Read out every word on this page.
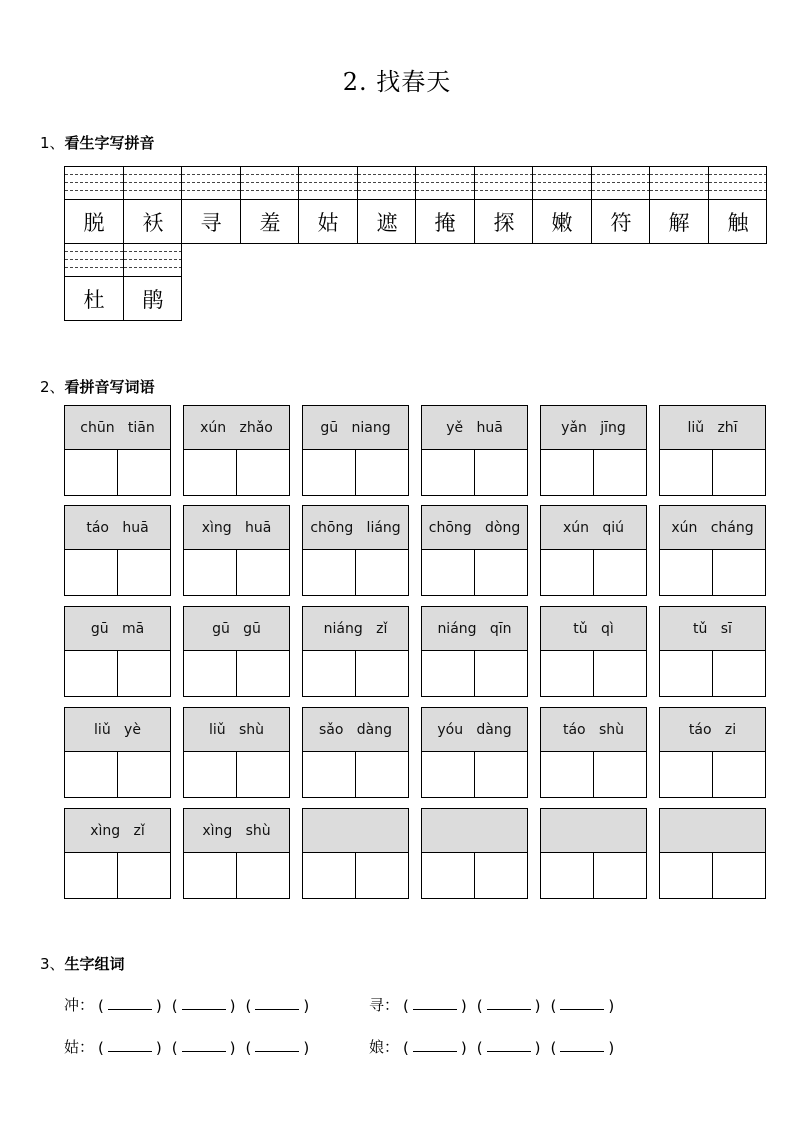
2. 找春天
1、看生字写拼音
脱	袄	寻	羞	姑	遮	掩	探	嫩	符	解	触
杜	鹃
2、看拼音写词语
chūn   tiān	xún   zhǎo	gū   niang	yě   huā	yǎn   jīng	liǔ   zhī
táo   huā	xìng   huā	chōng   liáng	chōng   dòng	xún   qiú	xún   cháng
gū   mā	gū   gū	niáng   zǐ	niáng   qīn	tǔ   qì	tǔ   sī
liǔ   yè	liǔ   shù	sǎo   dàng	yóu   dàng	táo   shù	táo   zi
xìng   zǐ	xìng   shù
3、生字组词
冲 ： (	) (	) (	)	寻 ： (	) (	) (	)
姑 ： (	) (	) (	)	娘 ： (	) (	) (	)
